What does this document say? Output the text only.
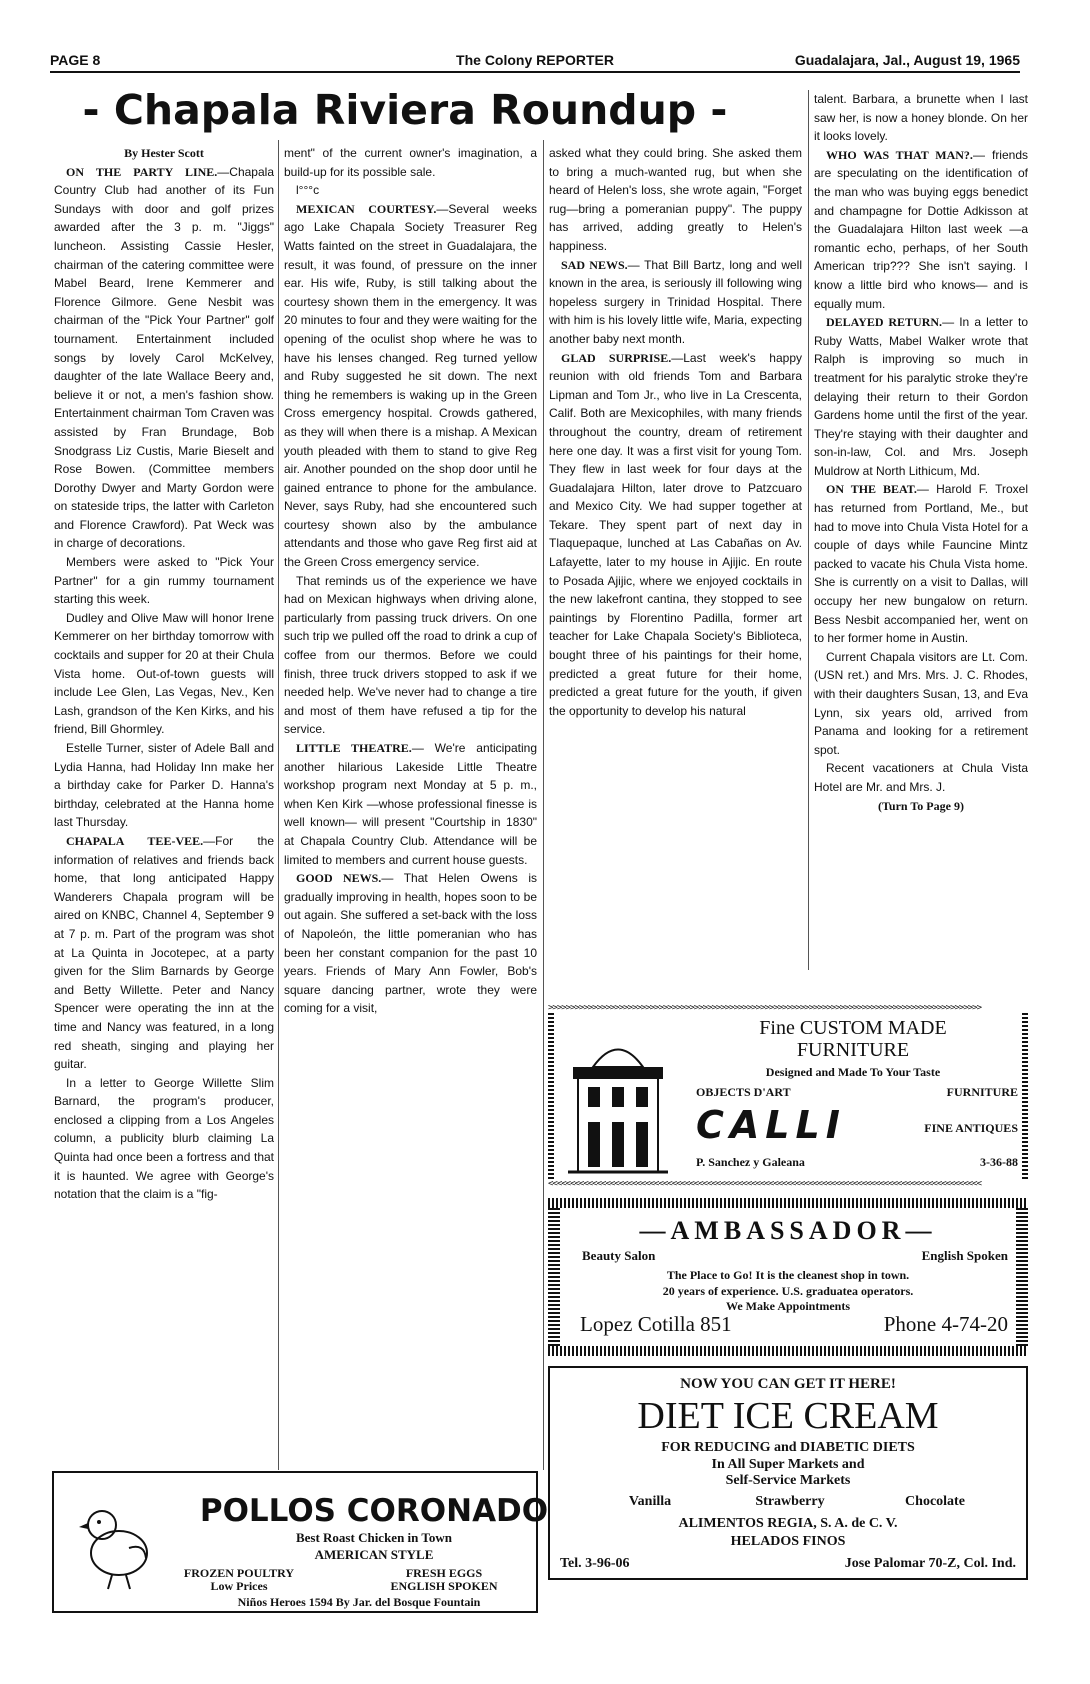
PAGE 8	The Colony REPORTER	Guadalajara, Jal., August 19, 1965
- Chapala Riviera Roundup -

By Hester Scott

ON THE PARTY LINE.—Chapala Country Club had another of its Fun Sundays with door and golf prizes awarded after the 3 p. m. "Jiggs" luncheon. Assisting Cassie Hesler, chairman of the catering committee were Mabel Beard, Irene Kemmerer and Florence Gilmore. Gene Nesbit was chairman of the "Pick Your Partner" golf tournament. Entertainment included songs by lovely Carol McKelvey, daughter of the late Wallace Beery and, believe it or not, a men's fashion show. Entertainment chairman Tom Craven was assisted by Fran Brundage, Bob Snodgrass Liz Custis, Marie Bieselt and Rose Bowen. (Committee members Dorothy Dwyer and Marty Gordon were on stateside trips, the latter with Carleton and Florence Crawford). Pat Weck was in charge of decorations.

Members were asked to "Pick Your Partner" for a gin rummy tournament starting this week.

Dudley and Olive Maw will honor Irene Kemmerer on her birthday tomorrow with cocktails and supper for 20 at their Chula Vista home. Out-of-town guests will include Lee Glen, Las Vegas, Nev., Ken Lash, grandson of the Ken Kirks, and his friend, Bill Ghormley.

Estelle Turner, sister of Adele Ball and Lydia Hanna, had Holiday Inn make her a birthday cake for Parker D. Hanna's birthday, celebrated at the Hanna home last Thursday.

CHAPALA TEE-VEE.—For the information of relatives and friends back home, that long anticipated Happy Wanderers Chapala program will be aired on KNBC, Channel 4, September 9 at 7 p. m. Part of the program was shot at La Quinta in Jocotepec, at a party given for the Slim Barnards by George and Betty Willette. Peter and Nancy Spencer were operating the inn at the time and Nancy was featured, in a long red sheath, singing and playing her guitar.

In a letter to George Willette Slim Barnard, the program's producer, enclosed a clipping from a Los Angeles column, a publicity blurb claiming La Quinta had once been a fortress and that it is haunted. We agree with George's notation that the claim is a "fig-

ment" of the current owner's imagination, a build-up for its possible sale.

l°°°c

MEXICAN COURTESY.—Several weeks ago Lake Chapala Society Treasurer Reg Watts fainted on the street in Guadalajara, the result, it was found, of pressure on the inner ear. His wife, Ruby, is still talking about the courtesy shown them in the emergency. It was 20 minutes to four and they were waiting for the opening of the oculist shop where he was to have his lenses changed. Reg turned yellow and Ruby suggested he sit down. The next thing he remembers is waking up in the Green Cross emergency hospital. Crowds gathered, as they will when there is a mishap. A Mexican youth pleaded with them to stand to give Reg air. Another pounded on the shop door until he gained entrance to phone for the ambulance. Never, says Ruby, had she encountered such courtesy shown also by the ambulance attendants and those who gave Reg first aid at the Green Cross emergency service.

That reminds us of the experience we have had on Mexican highways when driving alone, particularly from passing truck drivers. On one such trip we pulled off the road to drink a cup of coffee from our thermos. Before we could finish, three truck drivers stopped to ask if we needed help. We've never had to change a tire and most of them have refused a tip for the service.

LITTLE THEATRE.— We're anticipating another hilarious Lakeside Little Theatre workshop program next Monday at 5 p. m., when Ken Kirk —whose professional finesse is well known— will present "Courtship in 1830" at Chapala Country Club. Attendance will be limited to members and current house guests.

GOOD NEWS.— That Helen Owens is gradually improving in health, hopes soon to be out again. She suffered a set-back with the loss of Napoleón, the little pomeranian who has been her constant companion for the past 10 years. Friends of Mary Ann Fowler, Bob's square dancing partner, wrote they were coming for a visit,

asked what they could bring. She asked them to bring a much-wanted rug, but when she heard of Helen's loss, she wrote again, "Forget rug—bring a pomeranian puppy". The puppy has arrived, adding greatly to Helen's happiness.

SAD NEWS.— That Bill Bartz, long and well known in the area, is seriously ill following wing hopeless surgery in Trinidad Hospital. There with him is his lovely little wife, Maria, expecting another baby next month.

GLAD SURPRISE.—Last week's happy reunion with old friends Tom and Barbara Lipman and Tom Jr., who live in La Crescenta, Calif. Both are Mexicophiles, with many friends throughout the country, dream of retirement here one day. It was a first visit for young Tom. They flew in last week for four days at the Guadalajara Hilton, later drove to Patzcuaro and Mexico City. We had supper together at Tekare. They spent part of next day in Tlaquepaque, lunched at Las Cabañas on Av. Lafayette, later to my house in Ajijic. En route to Posada Ajijic, where we enjoyed cocktails in the new lakefront cantina, they stopped to see paintings by Florentino Padilla, former art teacher for Lake Chapala Society's Biblioteca, bought three of his paintings for their home, predicted a great future for their home, predicted a great future for the youth, if given the opportunity to develop his natural

talent. Barbara, a brunette when I last saw her, is now a honey blonde. On her it looks lovely.

WHO WAS THAT MAN?.— friends are speculating on the identification of the man who was buying eggs benedict and champagne for Dottie Adkisson at the Guadalajara Hilton last week —a romantic echo, perhaps, of her South American trip??? She isn't saying. I know a little bird who knows— and is equally mum.

DELAYED RETURN.— In a letter to Ruby Watts, Mabel Walker wrote that Ralph is improving so much in treatment for his paralytic stroke they're delaying their return to their Gordon Gardens home until the first of the year. They're staying with their daughter and son-in-law, Col. and Mrs. Joseph Muldrow at North Lithicum, Md.

ON THE BEAT.— Harold F. Troxel has returned from Portland, Me., but had to move into Chula Vista Hotel for a couple of days while Fauncine Mintz packed to vacate his Chula Vista home. She is currently on a visit to Dallas, will occupy her new bungalow on return. Bess Nesbit accompanied her, went on to her former home in Austin.

Current Chapala visitors are Lt. Com. (USN ret.) and Mrs. Mrs. J. C. Rhodes, with their daughters Susan, 13, and Eva Lynn, six years old, arrived from Panama and looking for a retirement spot.

Recent vacationers at Chula Vista Hotel are Mr. and Mrs. J.

(Turn To Page 9)

>>>>>>>>>>>>>>>>>>>>>>>>>>>>>>>>>>>>>>>>>>>>>>>>>>>>>>>>>>>>>>>>>>>>>>>>>>>>>>>>>>>>>>>>>>>>>>>>>>
<<<<<<<<<<<<<<<<<<<<<<<<<<<<<<<<<<<<<<<<<<<<<<<<<<<<<<<<<<<<<<<<<<<<<<<<<<<<<<<<<<<<<<<<<<<<<<<<<<
Fine CUSTOM MADE
FURNITURE
Designed and Made To Your Taste
OBJECTS D'ART	FURNITURE
CALLI	FINE ANTIQUES
P. Sanchez y Galeana	3-36-88
—AMBASSADOR—
Beauty Salon	English Spoken
The Place to Go! It is the cleanest shop in town.
20 years of experience. U.S. graduatea operators.
We Make Appointments
Lopez Cotilla 851	Phone 4-74-20
NOW YOU CAN GET IT HERE!
DIET ICE CREAM
FOR REDUCING and DIABETIC DIETS
In All Super Markets and
Self-Service Markets
Vanilla	Strawberry	Chocolate
ALIMENTOS REGIA, S. A. de C. V.
HELADOS FINOS
Tel. 3-96-06	Jose Palomar 70-Z, Col. Ind.
POLLOS CORONADO
Best Roast Chicken in Town
AMERICAN STYLE
FROZEN POULTRY
Low Prices
FRESH EGGS
ENGLISH SPOKEN
Niños Heroes 1594 By Jar. del Bosque Fountain
